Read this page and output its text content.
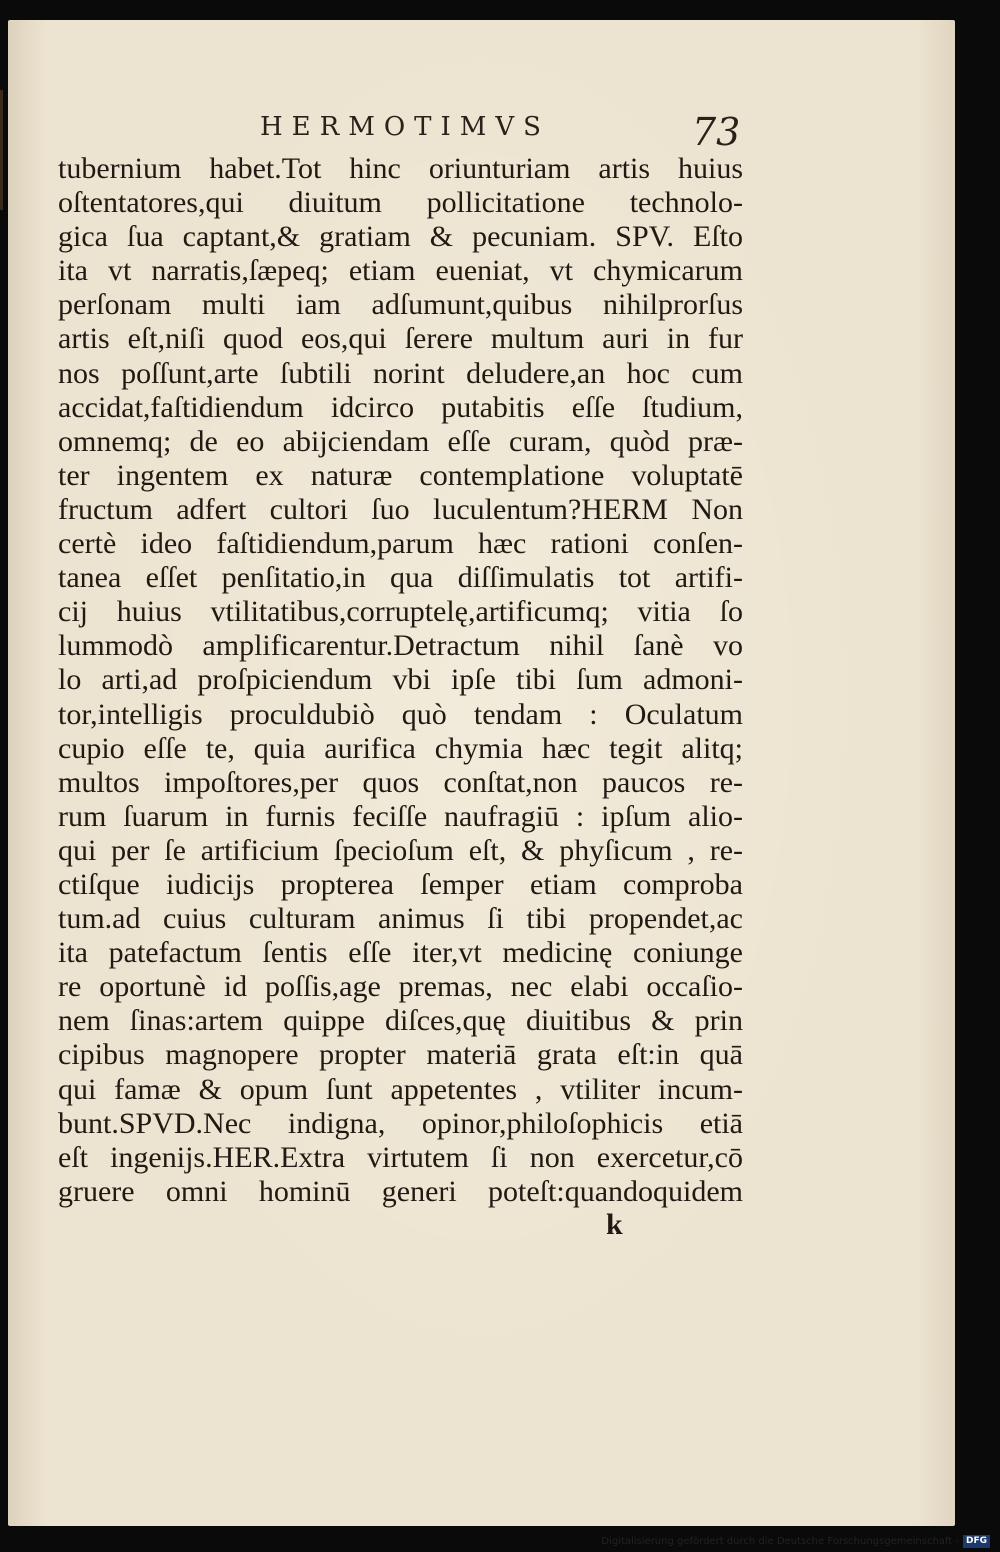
HERMOTIMVS	73
tubernium habet.Tot hinc oriunturiam artis huius
oſtentatores,qui diuitum pollicitatione technolo-
gica ſua captant,& gratiam & pecuniam. SPV. Eſto
ita vt narratis,ſæpeq; etiam eueniat, vt chymicarum
perſonam multi iam adſumunt,quibus nihilprorſus
artis eſt,niſi quod eos,qui ſerere multum auri in fur
nos poſſunt,arte ſubtili norint deludere,an hoc cum
accidat,faſtidiendum idcirco putabitis eſſe ſtudium,
omnemq; de eo abijciendam eſſe curam, quòd præ-
ter ingentem ex naturæ contemplatione voluptatē
fructum adfert cultori ſuo luculentum?HERM Non
certè ideo faſtidiendum,parum hæc rationi conſen-
tanea eſſet penſitatio,in qua diſſimulatis tot artifi-
cij huius vtilitatibus,corruptelę,artificumq; vitia ſo
lummodò amplificarentur.Detractum nihil ſanè vo
lo arti,ad proſpiciendum vbi ipſe tibi ſum admoni-
tor,intelligis proculdubiò quò tendam : Oculatum
cupio eſſe te, quia aurifica chymia hæc tegit alitq;
multos impoſtores,per quos conſtat,non paucos re-
rum ſuarum in furnis feciſſe naufragiū : ipſum alio-
qui per ſe artificium ſpecioſum eſt, & phyſicum , re-
ctiſque iudicijs propterea ſemper etiam comproba
tum.ad cuius culturam animus ſi tibi propendet,ac
ita patefactum ſentis eſſe iter,vt medicinę coniunge
re oportunè id poſſis,age premas, nec elabi occaſio-
nem ſinas:artem quippe diſces,quę diuitibus & prin
cipibus magnopere propter materiā grata eſt:in quā
qui famæ & opum ſunt appetentes , vtiliter incum-
bunt.SPVD.Nec indigna, opinor,philoſophicis etiā
eſt ingenijs.HER.Extra virtutem ſi non exercetur,cō
gruere omni hominū generi poteſt:quandoquidem
k
Digitalisierung gefördert durch die Deutsche Forschungsgemeinschaft - DFG
